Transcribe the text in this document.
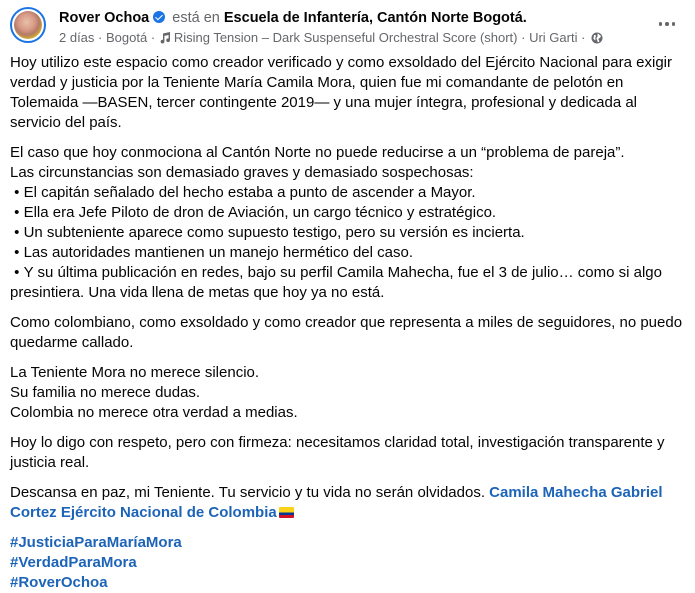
Rover Ochoa está en Escuela de Infantería, Cantón Norte Bogotá.
2 días · Bogotá · Rising Tension – Dark Suspenseful Orchestral Score (short) · Uri Garti ·

Hoy utilizo este espacio como creador verificado y como exsoldado del Ejército Nacional para exigir verdad y justicia por la Teniente María Camila Mora, quien fue mi comandante de pelotón en Tolemaida —BASEN, tercer contingente 2019— y una mujer íntegra, profesional y dedicada al servicio del país.

El caso que hoy conmociona al Cantón Norte no puede reducirse a un “problema de pareja”.
Las circunstancias son demasiado graves y demasiado sospechosas:
• El capitán señalado del hecho estaba a punto de ascender a Mayor.
• Ella era Jefe Piloto de dron de Aviación, un cargo técnico y estratégico.
• Un subteniente aparece como supuesto testigo, pero su versión es incierta.
• Las autoridades mantienen un manejo hermético del caso.
• Y su última publicación en redes, bajo su perfil Camila Mahecha, fue el 3 de julio… como si algo presintiera. Una vida llena de metas que hoy ya no está.

Como colombiano, como exsoldado y como creador que representa a miles de seguidores, no puedo quedarme callado.

La Teniente Mora no merece silencio.
Su familia no merece dudas.
Colombia no merece otra verdad a medias.

Hoy lo digo con respeto, pero con firmeza: necesitamos claridad total, investigación transparente y justicia real.

Descansa en paz, mi Teniente. Tu servicio y tu vida no serán olvidados. Camila Mahecha Gabriel Cortez Ejército Nacional de Colombia

#JusticiaParaMaríaMora
#VerdadParaMora
#RoverOchoa
